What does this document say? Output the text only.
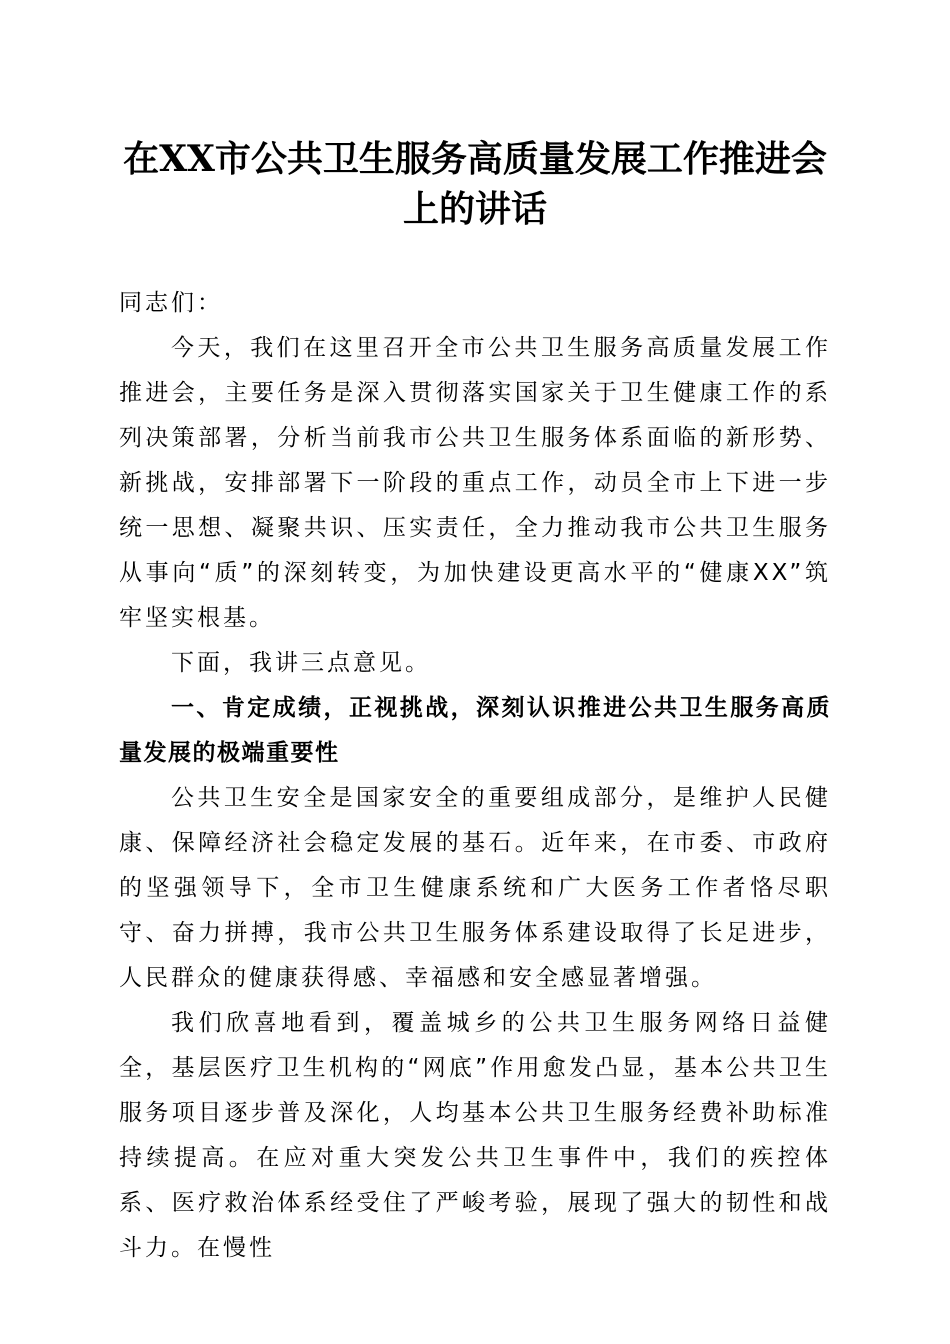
在XX市公共卫生服务高质量发展工作推进会
上的讲话

同志们：

今天，我们在这里召开全市公共卫生服务高质量发展工作推进会，主要任务是深入贯彻落实国家关于卫生健康工作的系列决策部署，分析当前我市公共卫生服务体系面临的新形势、新挑战，安排部署下一阶段的重点工作，动员全市上下进一步统一思想、凝聚共识、压实责任，全力推动我市公共卫生服务从事向“质”的深刻转变，为加快建设更高水平的“健康XX”筑牢坚实根基。

下面，我讲三点意见。

一、肯定成绩，正视挑战，深刻认识推进公共卫生服务高质量发展的极端重要性

公共卫生安全是国家安全的重要组成部分，是维护人民健康、保障经济社会稳定发展的基石。近年来，在市委、市政府的坚强领导下，全市卫生健康系统和广大医务工作者恪尽职守、奋力拼搏，我市公共卫生服务体系建设取得了长足进步，人民群众的健康获得感、幸福感和安全感显著增强。

我们欣喜地看到，覆盖城乡的公共卫生服务网络日益健全，基层医疗卫生机构的“网底”作用愈发凸显，基本公共卫生服务项目逐步普及深化，人均基本公共卫生服务经费补助标准持续提高。在应对重大突发公共卫生事件中，我们的疾控体系、医疗救治体系经受住了严峻考验，展现了强大的韧性和战斗力。在慢性
